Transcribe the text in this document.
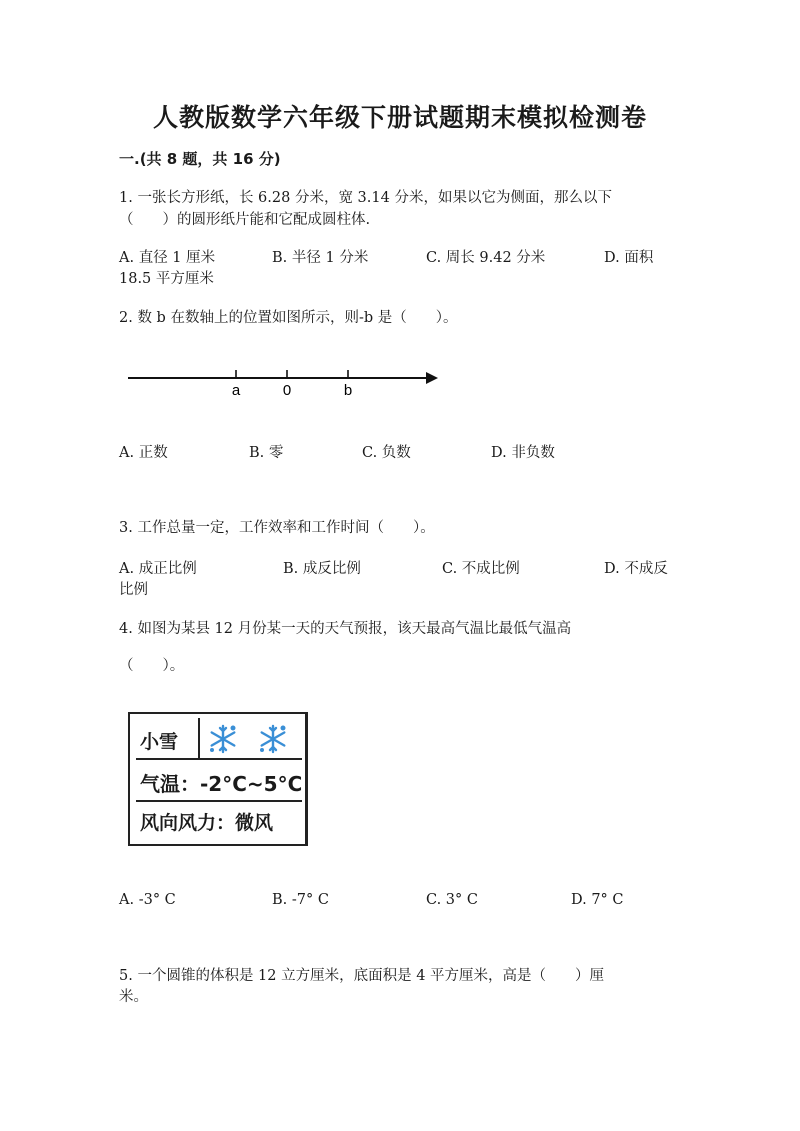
人教版数学六年级下册试题期末模拟检测卷
一.(共 8 题，共 16 分)
1. 一张长方形纸，长 6.28 分米，宽 3.14 分米，如果以它为侧面，那么以下
（　　）的圆形纸片能和它配成圆柱体.
A. 直径 1 厘米	B. 半径 1 分米	C. 周长 9.42 分米	D. 面积
18.5 平方厘米
2. 数 b 在数轴上的位置如图所示，则-b 是（　　）。
a	0	b
A. 正数	B. 零	C. 负数	D. 非负数
3. 工作总量一定，工作效率和工作时间（　　）。
A. 成正比例	B. 成反比例	C. 不成比例	D. 不成反
比例
4. 如图为某县 12 月份某一天的天气预报，该天最高气温比最低气温高
（　　）。
小雪
气温：-2°C~5°C
风向风力：微风
A. -3° C	B. -7° C	C. 3° C	D. 7° C
5. 一个圆锥的体积是 12 立方厘米，底面积是 4 平方厘米，高是（　　）厘
米。
